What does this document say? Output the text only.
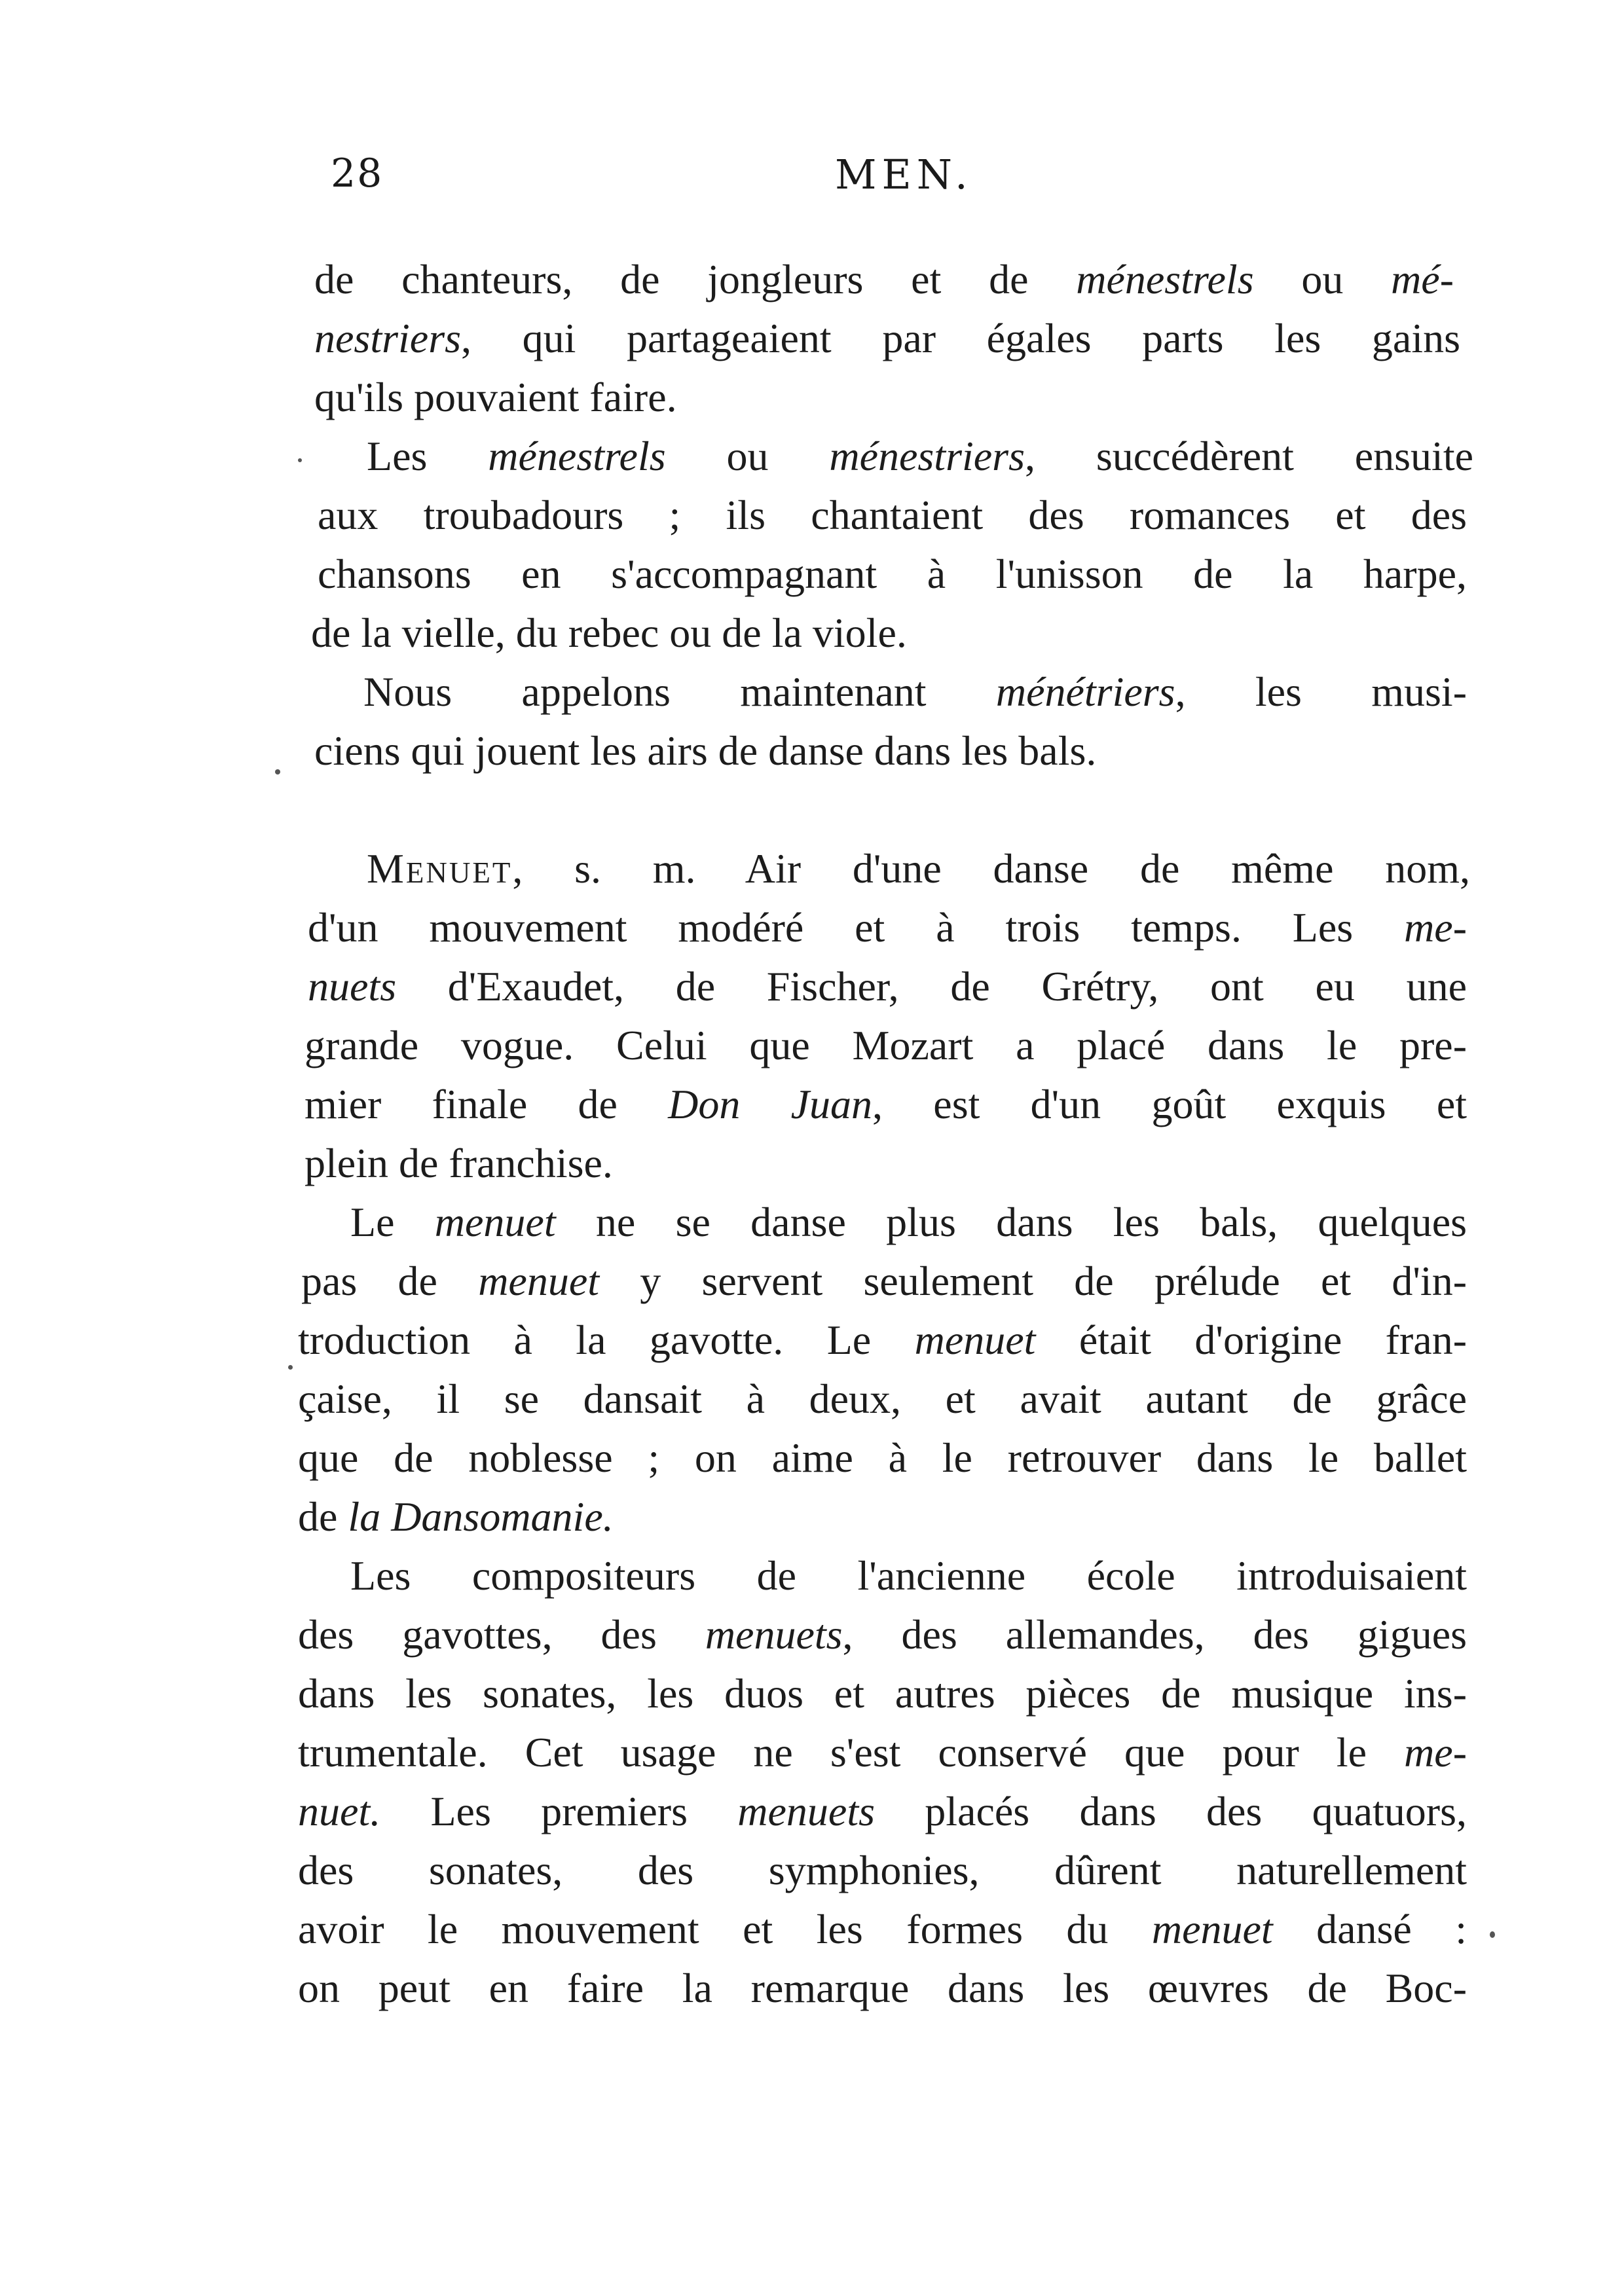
28	MEN.
de chanteurs, de jongleurs et de ménestrels ou mé-
nestriers, qui partageaient par égales parts les gains
qu'ils pouvaient faire.
Les ménestrels ou ménestriers, succédèrent ensuite
aux troubadours ; ils chantaient des romances et des
chansons en s'accompagnant à l'unisson de la harpe,
de la vielle, du rebec ou de la viole.
Nous appelons maintenant ménétriers, les musi-
ciens qui jouent les airs de danse dans les bals.
Menuet, s. m. Air d'une danse de même nom,
d'un mouvement modéré et à trois temps. Les me-
nuets d'Exaudet, de Fischer, de Grétry, ont eu une
grande vogue. Celui que Mozart a placé dans le pre-
mier finale de Don Juan, est d'un goût exquis et
plein de franchise.
Le menuet ne se danse plus dans les bals, quelques
pas de menuet y servent seulement de prélude et d'in-
troduction à la gavotte. Le menuet était d'origine fran-
çaise, il se dansait à deux, et avait autant de grâce
que de noblesse ; on aime à le retrouver dans le ballet
de la Dansomanie.
Les compositeurs de l'ancienne école introduisaient
des gavottes, des menuets, des allemandes, des gigues
dans les sonates, les duos et autres pièces de musique ins-
trumentale. Cet usage ne s'est conservé que pour le me-
nuet. Les premiers menuets placés dans des quatuors,
des sonates, des symphonies, dûrent naturellement
avoir le mouvement et les formes du menuet dansé :
on peut en faire la remarque dans les œuvres de Boc-
